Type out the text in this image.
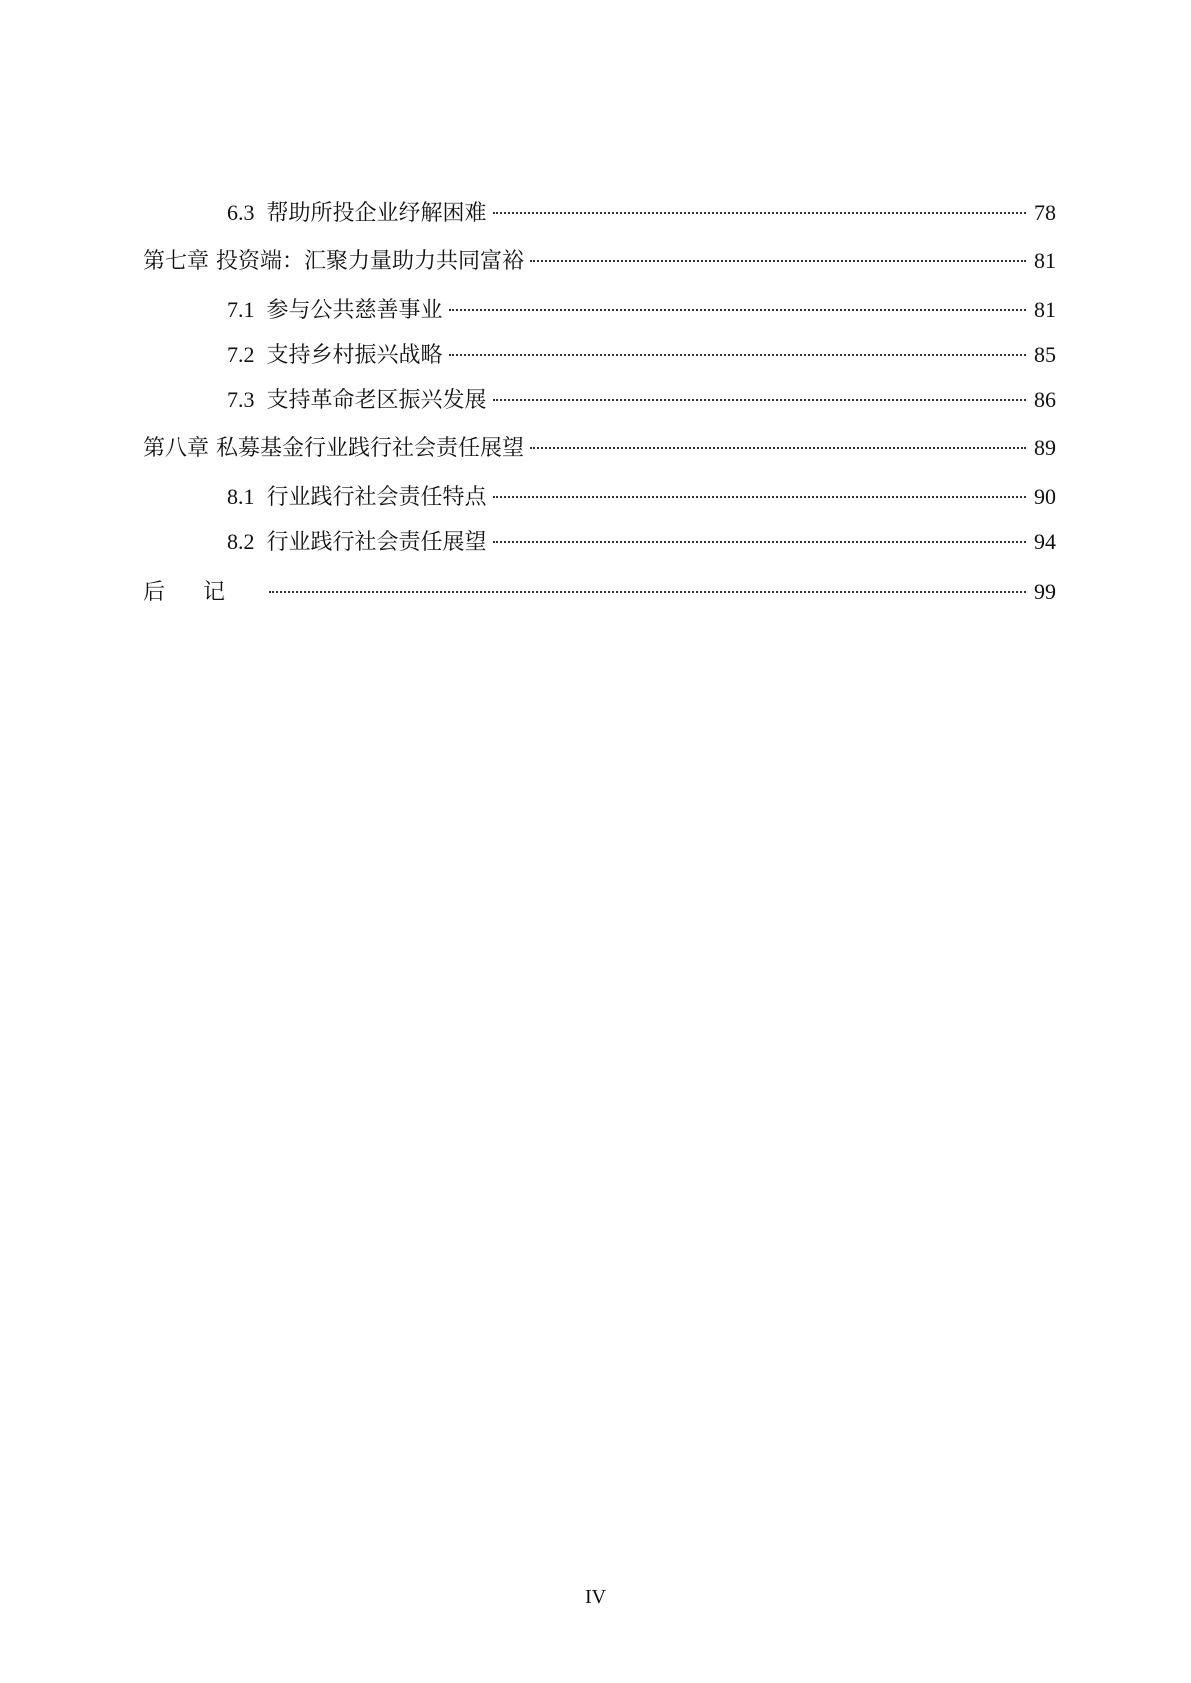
6.3 帮助所投企业纾解困难	78
第七章 投资端：汇聚力量助力共同富裕	81
7.1 参与公共慈善事业	81
7.2 支持乡村振兴战略	85
7.3 支持革命老区振兴发展	86
第八章 私募基金行业践行社会责任展望	89
8.1 行业践行社会责任特点	90
8.2 行业践行社会责任展望	94
后记	99
IV
